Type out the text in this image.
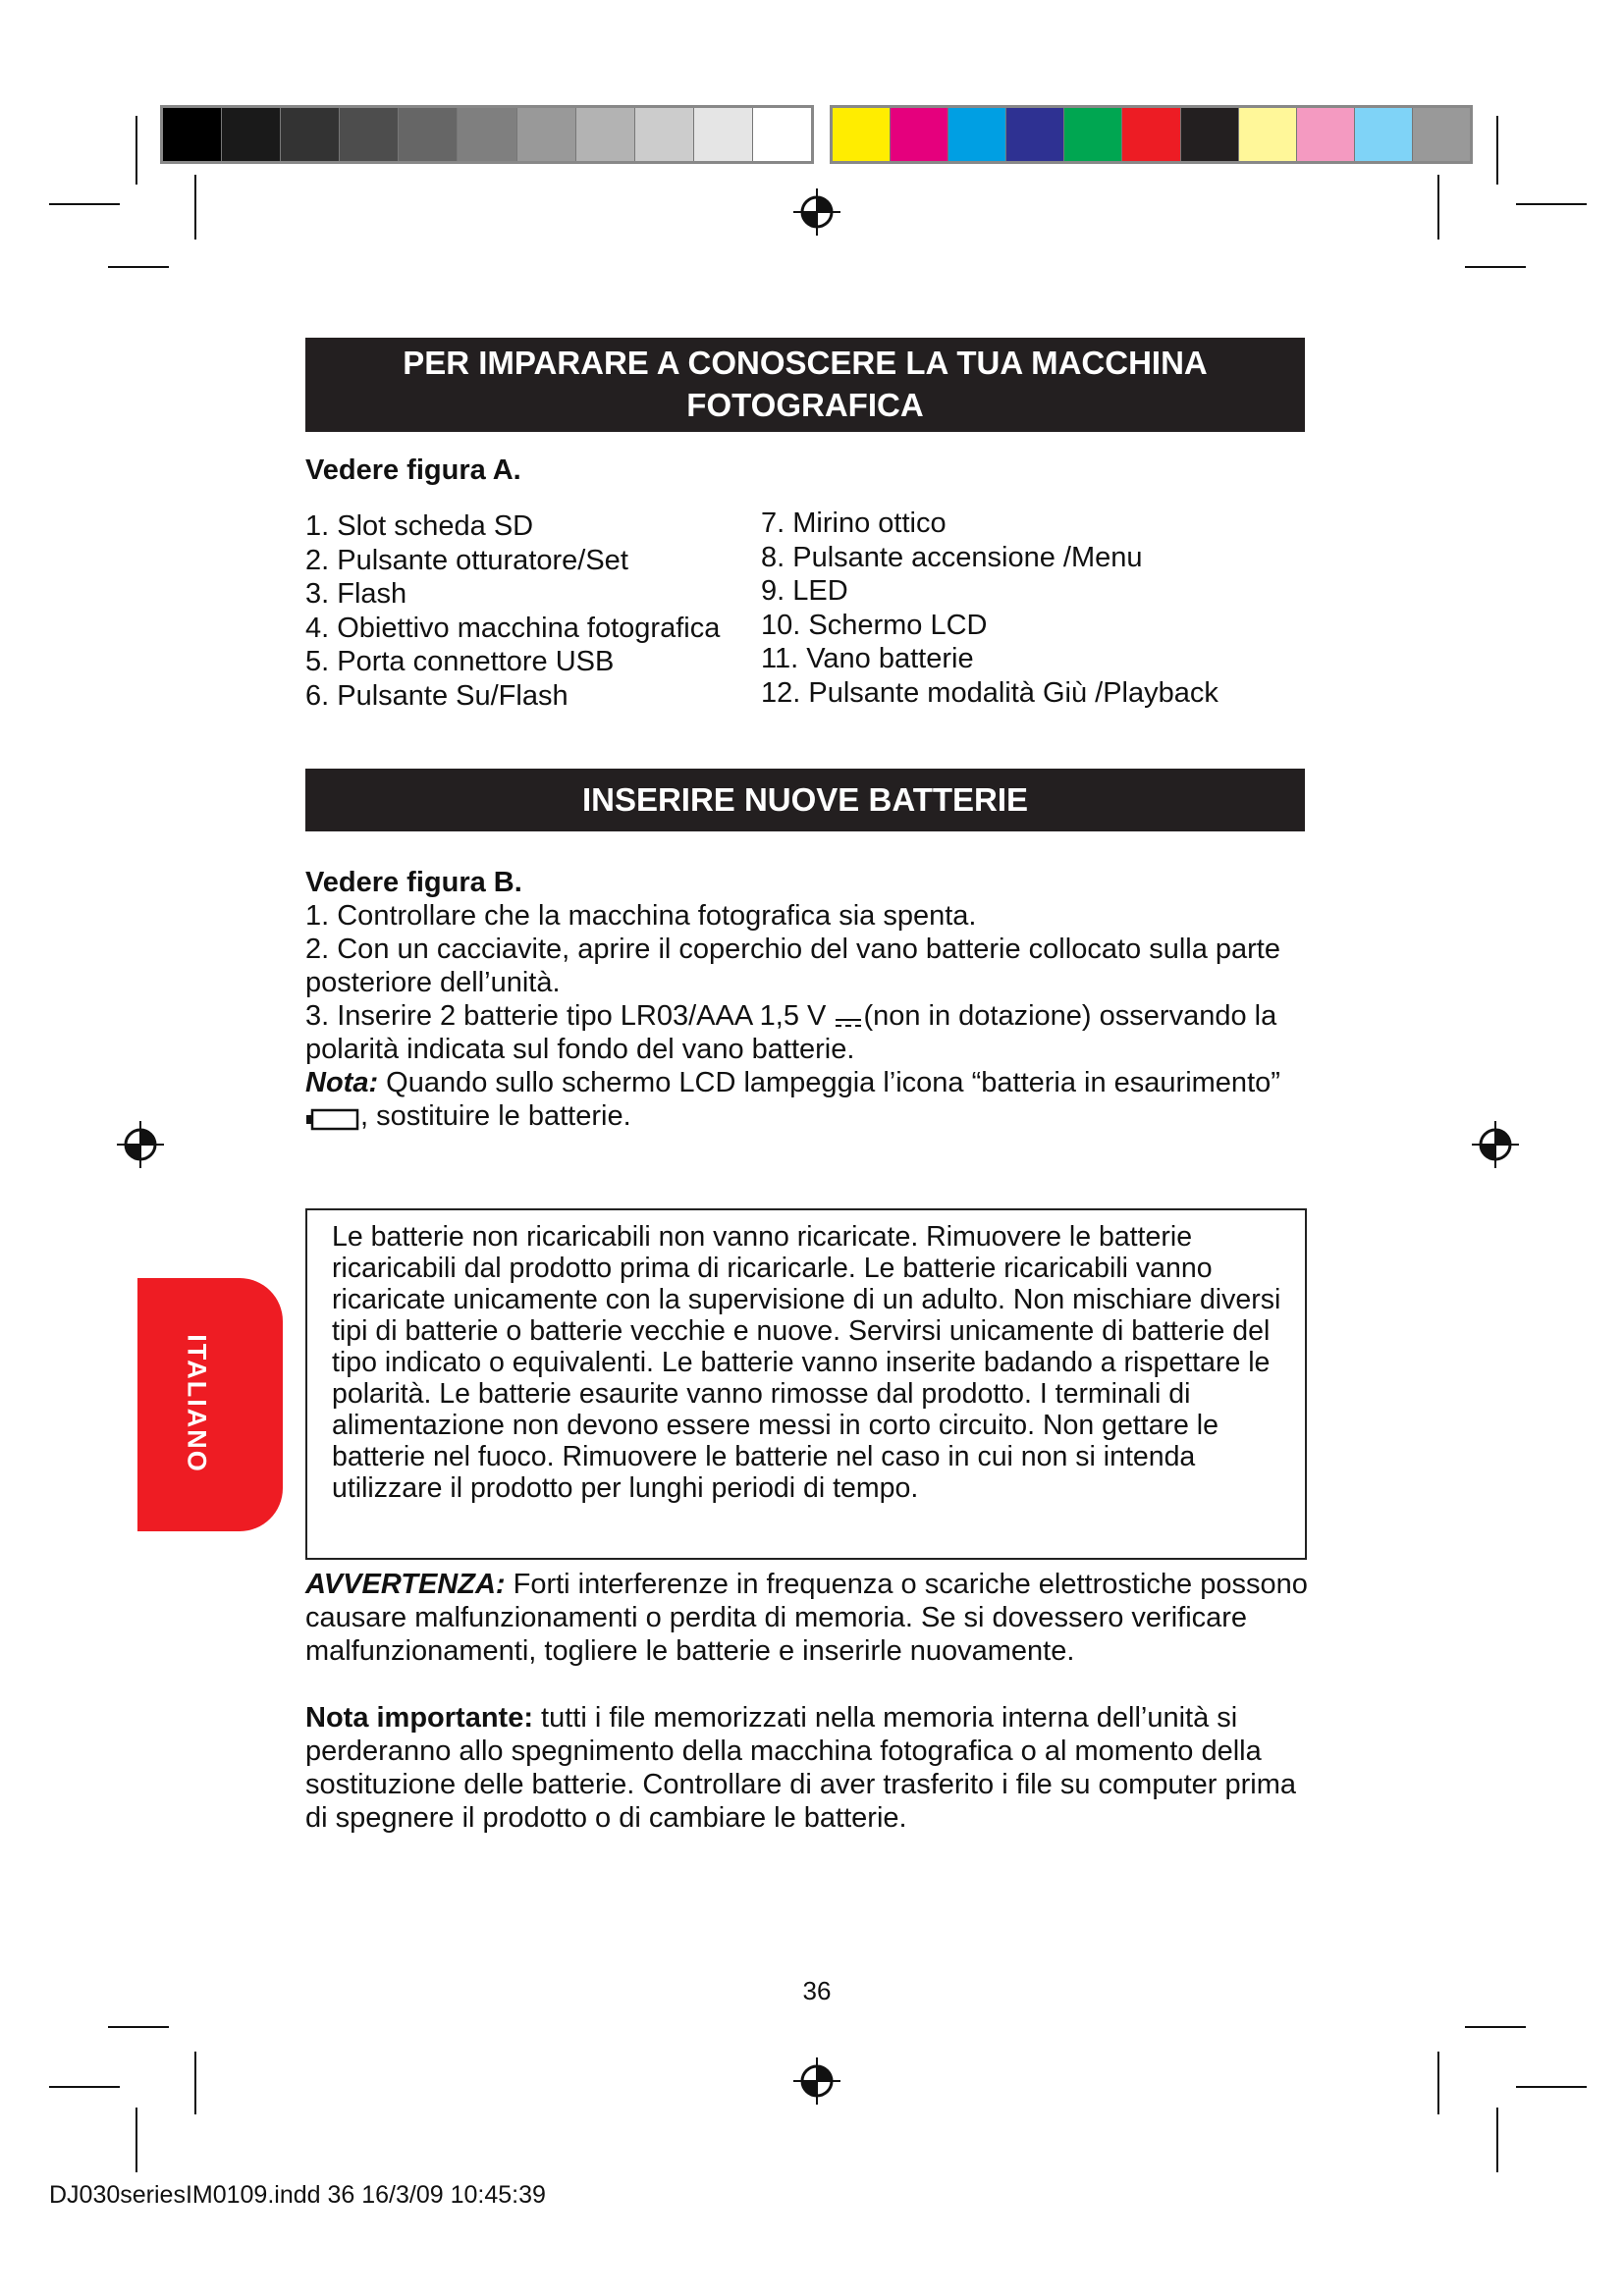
PER IMPARARE A CONOSCERE LA TUA MACCHINA FOTOGRAFICA
Vedere figura A.
1. Slot scheda SD
2. Pulsante otturatore/Set
3. Flash
4. Obiettivo macchina fotografica
5. Porta connettore USB
6. Pulsante Su/Flash
7. Mirino ottico
8. Pulsante accensione /Menu
9. LED
10. Schermo LCD
11. Vano batterie
12. Pulsante modalità Giù /Playback
INSERIRE NUOVE BATTERIE

Vedere figura B.

1. Controllare che la macchina fotografica sia spenta.

2. Con un cacciavite, aprire il coperchio del vano batterie collocato sulla parte posteriore dell’unità.

3. Inserire 2 batterie tipo LR03/AAA 1,5 V (non in dotazione) osservando la polarità indicata sul fondo del vano batterie.

Nota: Quando sullo schermo LCD lampeggia l’icona “batteria in esaurimento” , sostituire le batterie.

ITALIANO
Le batterie non ricaricabili non vanno ricaricate. Rimuovere le batterie ricaricabili dal prodotto prima di ricaricarle. Le batterie ricaricabili vanno ricaricate unicamente con la supervisione di un adulto. Non mischiare diversi tipi di batterie o batterie vecchie e nuove. Servirsi unicamente di batterie del tipo indicato o equivalenti. Le batterie vanno inserite badando a rispettare le polarità. Le batterie esaurite vanno rimosse dal prodotto. I terminali di alimentazione non devono essere messi in corto circuito. Non gettare le batterie nel fuoco. Rimuovere le batterie nel caso in cui non si intenda utilizzare il prodotto per lunghi periodi di tempo.

AVVERTENZA: Forti interferenze in frequenza o scariche elettrostiche possono causare malfunzionamenti o perdita di memoria. Se si dovessero verificare malfunzionamenti, togliere le batterie e inserirle nuovamente.

Nota importante: tutti i file memorizzati nella memoria interna dell’unità si perderanno allo spegnimento della macchina fotografica o al momento della sostituzione delle batterie. Controllare di aver trasferito i file su computer prima di spegnere il prodotto o di cambiare le batterie.

36
DJ030seriesIM0109.indd 36 16/3/09 10:45:39
